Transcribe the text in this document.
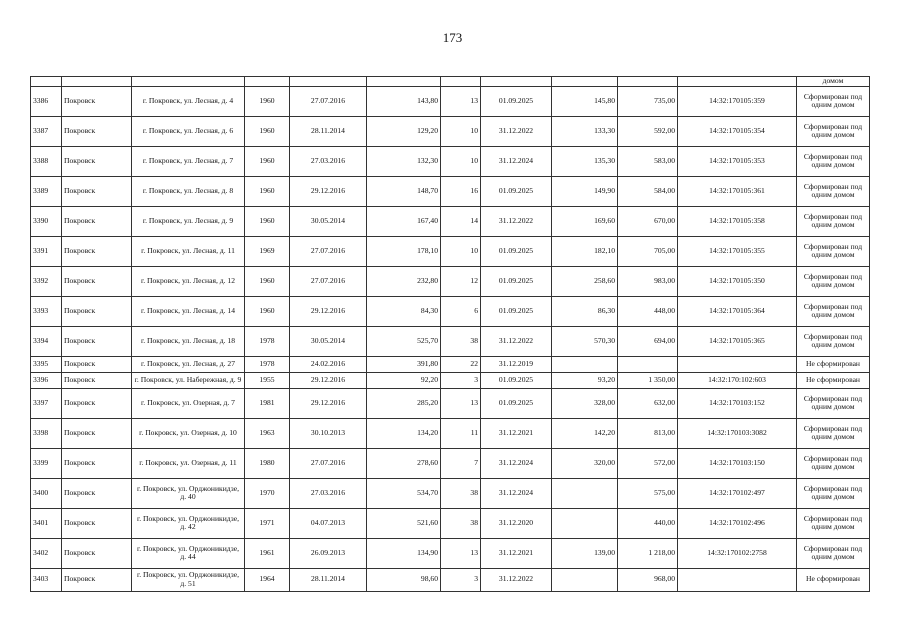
173
											домом
3386	Покровск	г. Покровск, ул. Лесная, д. 4	1960	27.07.2016	143,80	13	01.09.2025	145,80	735,00	14:32:170105:359	Сформирован под одним домом
3387	Покровск	г. Покровск, ул. Лесная, д. 6	1960	28.11.2014	129,20	10	31.12.2022	133,30	592,00	14:32:170105:354	Сформирован под одним домом
3388	Покровск	г. Покровск, ул. Лесная, д. 7	1960	27.03.2016	132,30	10	31.12.2024	135,30	583,00	14:32:170105:353	Сформирован под одним домом
3389	Покровск	г. Покровск, ул. Лесная, д. 8	1960	29.12.2016	148,70	16	01.09.2025	149,90	584,00	14:32:170105:361	Сформирован под одним домом
3390	Покровск	г. Покровск, ул. Лесная, д. 9	1960	30.05.2014	167,40	14	31.12.2022	169,60	670,00	14:32:170105:358	Сформирован под одним домом
3391	Покровск	г. Покровск, ул. Лесная, д. 11	1969	27.07.2016	178,10	10	01.09.2025	182,10	705,00	14:32:170105:355	Сформирован под одним домом
3392	Покровск	г. Покровск, ул. Лесная, д. 12	1960	27.07.2016	232,80	12	01.09.2025	258,60	983,00	14:32:170105:350	Сформирован под одним домом
3393	Покровск	г. Покровск, ул. Лесная, д. 14	1960	29.12.2016	84,30	6	01.09.2025	86,30	448,00	14:32:170105:364	Сформирован под одним домом
3394	Покровск	г. Покровск, ул. Лесная, д. 18	1978	30.05.2014	525,70	38	31.12.2022	570,30	694,00	14:32:170105:365	Сформирован под одним домом
3395	Покровск	г. Покровск, ул. Лесная, д. 27	1978	24.02.2016	391,80	22	31.12.2019				Не сформирован
3396	Покровск	г. Покровск, ул. Набережная, д. 9	1955	29.12.2016	92,20	3	01.09.2025	93,20	1 350,00	14:32:170:102:603	Не сформирован
3397	Покровск	г. Покровск, ул. Озерная, д. 7	1981	29.12.2016	285,20	13	01.09.2025	328,00	632,00	14:32:170103:152	Сформирован под одним домом
3398	Покровск	г. Покровск, ул. Озерная, д. 10	1963	30.10.2013	134,20	11	31.12.2021	142,20	813,00	14:32:170103:3082	Сформирован под одним домом
3399	Покровск	г. Покровск, ул. Озерная, д. 11	1980	27.07.2016	278,60	7	31.12.2024	320,00	572,00	14:32:170103:150	Сформирован под одним домом
3400	Покровск	г. Покровск, ул. Орджоникидзе, д. 40	1970	27.03.2016	534,70	38	31.12.2024		575,00	14:32:170102:497	Сформирован под одним домом
3401	Покровск	г. Покровск, ул. Орджоникидзе, д. 42	1971	04.07.2013	521,60	38	31.12.2020		440,00	14:32:170102:496	Сформирован под одним домом
3402	Покровск	г. Покровск, ул. Орджоникидзе, д. 44	1961	26.09.2013	134,90	13	31.12.2021	139,00	1 218,00	14:32:170102:2758	Сформирован под одним домом
3403	Покровск	г. Покровск, ул. Орджоникидзе, д. 51	1964	28.11.2014	98,60	3	31.12.2022		968,00		Не сформирован
